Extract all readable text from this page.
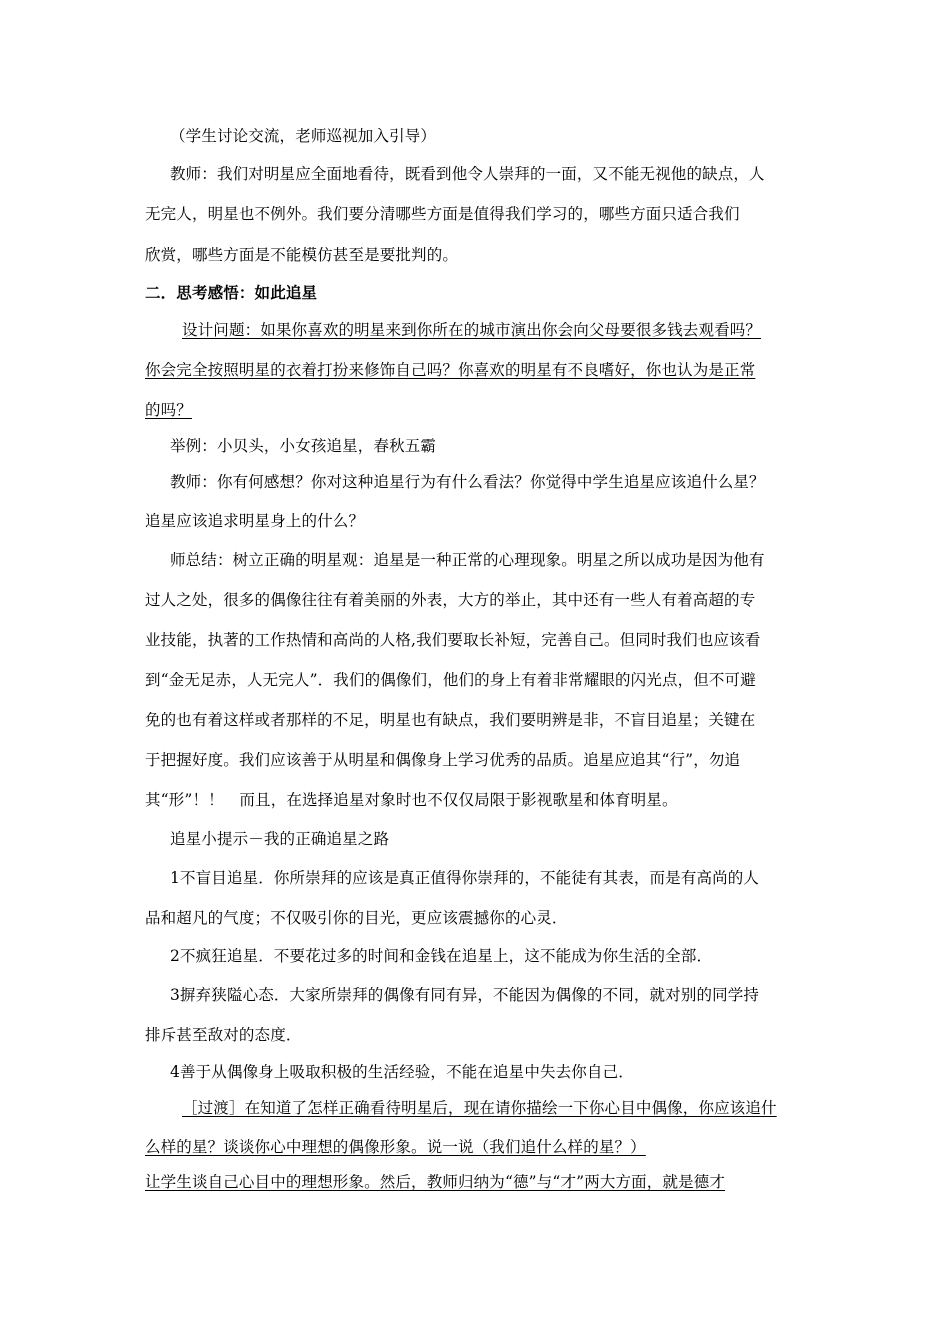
（学生讨论交流，老师巡视加入引导）
教师：我们对明星应全面地看待，既看到他令人崇拜的一面，又不能无视他的缺点，人
无完人，明星也不例外。我们要分清哪些方面是值得我们学习的，哪些方面只适合我们
欣赏，哪些方面是不能模仿甚至是要批判的。
二．思考感悟：如此追星
设计问题：如果你喜欢的明星来到你所在的城市演出你会向父母要很多钱去观看吗？
你会完全按照明星的衣着打扮来修饰自己吗？你喜欢的明星有不良嗜好，你也认为是正常
的吗？
举例：小贝头，小女孩追星，春秋五霸
教师：你有何感想？你对这种追星行为有什么看法？你觉得中学生追星应该追什么星？
追星应该追求明星身上的什么？
师总结：树立正确的明星观：追星是一种正常的心理现象。明星之所以成功是因为他有
过人之处，很多的偶像往往有着美丽的外表，大方的举止，其中还有一些人有着高超的专
业技能，执著的工作热情和高尚的人格,我们要取长补短，完善自己。但同时我们也应该看
到“金无足赤，人无完人”．我们的偶像们，他们的身上有着非常耀眼的闪光点，但不可避
免的也有着这样或者那样的不足，明星也有缺点，我们要明辨是非，不盲目追星；关键在
于把握好度。我们应该善于从明星和偶像身上学习优秀的品质。追星应追其“行”，勿追
其“形”！！　而且，在选择追星对象时也不仅仅局限于影视歌星和体育明星。
追星小提示－我的正确追星之路
1不盲目追星．你所崇拜的应该是真正值得你崇拜的，不能徒有其表，而是有高尚的人
品和超凡的气度；不仅吸引你的目光，更应该震撼你的心灵．
2不疯狂追星．不要花过多的时间和金钱在追星上，这不能成为你生活的全部．
3摒弃狭隘心态．大家所崇拜的偶像有同有异，不能因为偶像的不同，就对别的同学持
排斥甚至敌对的态度．
4善于从偶像身上吸取积极的生活经验，不能在追星中失去你自己．
［过渡］在知道了怎样正确看待明星后，现在请你描绘一下你心目中偶像，你应该追什
么样的星？谈谈你心中理想的偶像形象。说一说（我们追什么样的星？）
让学生谈自己心目中的理想形象。然后，教师归纳为“德”与“才”两大方面，就是德才
